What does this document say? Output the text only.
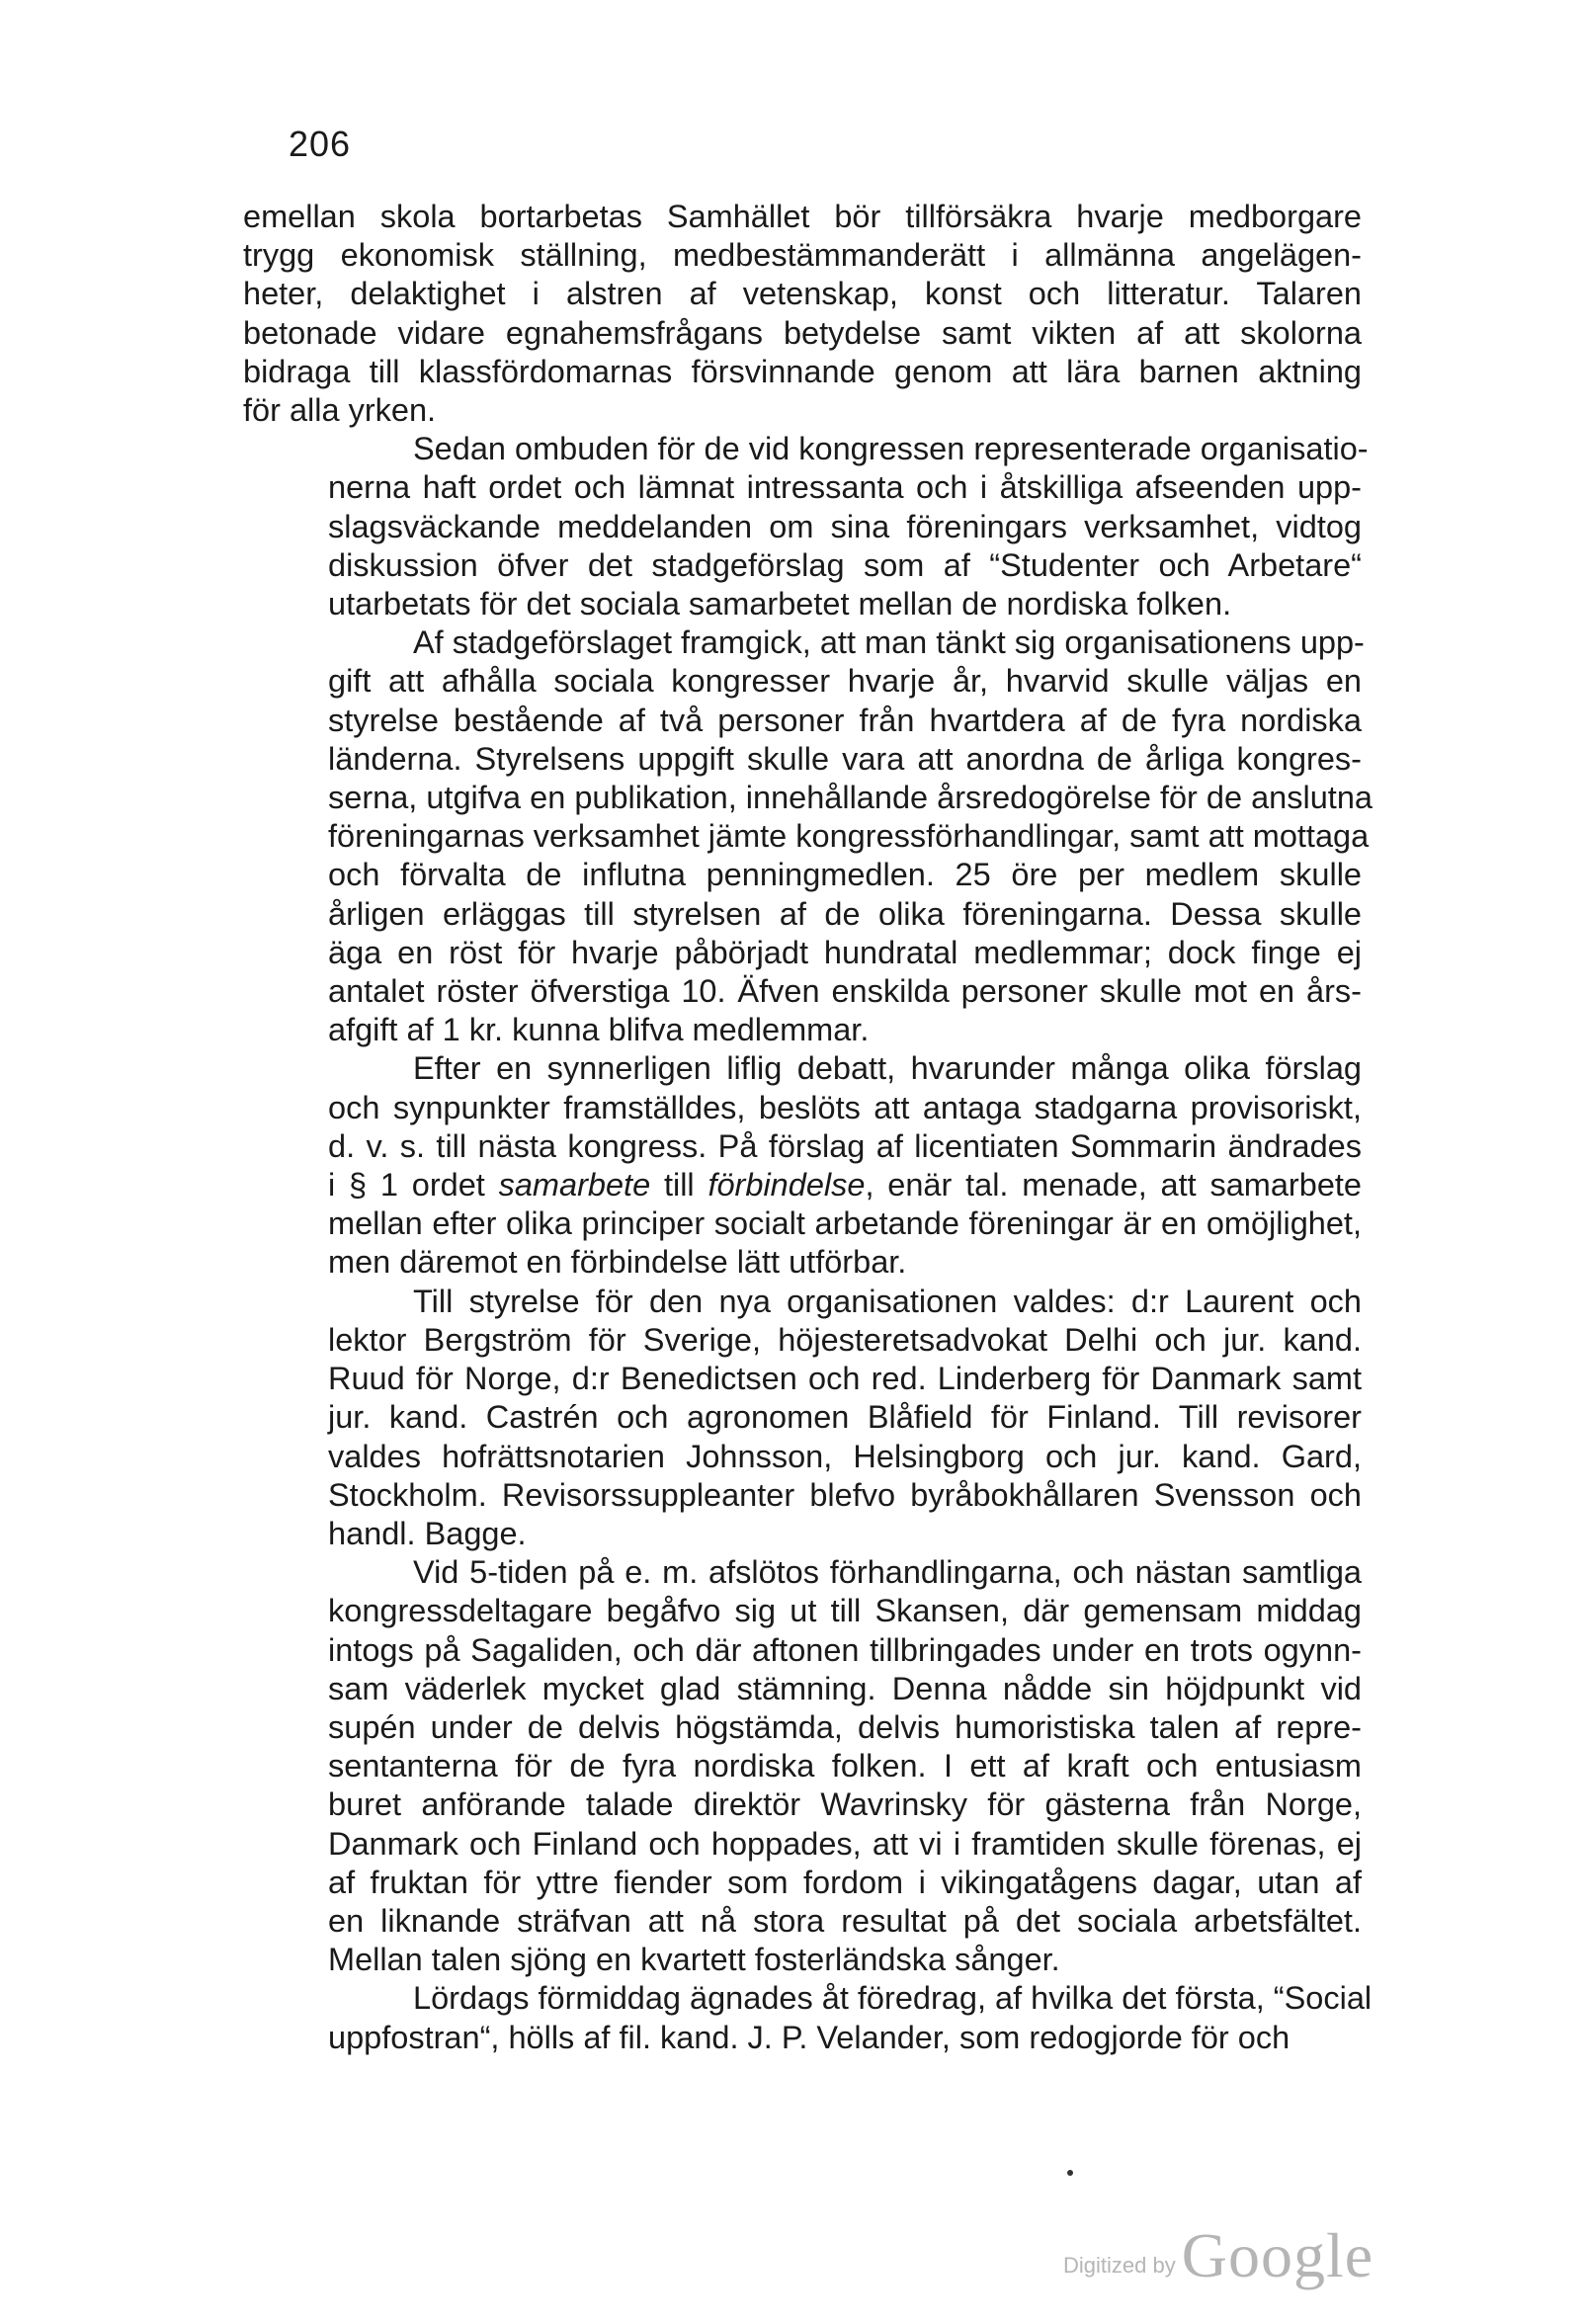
206
emellan skola bortarbetas Samhället bör tillförsäkra hvarje medborgare
trygg ekonomisk ställning, medbestämmanderätt i allmänna angelägen-
heter, delaktighet i alstren af vetenskap, konst och litteratur. Talaren
betonade vidare egnahemsfrågans betydelse samt vikten af att skolorna
bidraga till klassfördomarnas försvinnande genom att lära barnen aktning
för alla yrken.
Sedan ombuden för de vid kongressen representerade organisatio-
nerna haft ordet och lämnat intressanta och i åtskilliga afseenden upp-
slagsväckande meddelanden om sina föreningars verksamhet, vidtog
diskussion öfver det stadgeförslag som af “Studenter och Arbetare“
utarbetats för det sociala samarbetet mellan de nordiska folken.
Af stadgeförslaget framgick, att man tänkt sig organisationens upp-
gift att afhålla sociala kongresser hvarje år, hvarvid skulle väljas en
styrelse bestående af två personer från hvartdera af de fyra nordiska
länderna. Styrelsens uppgift skulle vara att anordna de årliga kongres-
serna, utgifva en publikation, innehållande årsredogörelse för de anslutna
föreningarnas verksamhet jämte kongressförhandlingar, samt att mottaga
och förvalta de influtna penningmedlen. 25 öre per medlem skulle
årligen erläggas till styrelsen af de olika föreningarna. Dessa skulle
äga en röst för hvarje påbörjadt hundratal medlemmar; dock finge ej
antalet röster öfverstiga 10. Äfven enskilda personer skulle mot en års-
afgift af 1 kr. kunna blifva medlemmar.
Efter en synnerligen liflig debatt, hvarunder många olika förslag
och synpunkter framställdes, beslöts att antaga stadgarna provisoriskt,
d. v. s. till nästa kongress. På förslag af licentiaten Sommarin ändrades
i § 1 ordet samarbete till förbindelse, enär tal. menade, att samarbete
mellan efter olika principer socialt arbetande föreningar är en omöjlighet,
men däremot en förbindelse lätt utförbar.
Till styrelse för den nya organisationen valdes: d:r Laurent och
lektor Bergström för Sverige, höjesteretsadvokat Delhi och jur. kand.
Ruud för Norge, d:r Benedictsen och red. Linderberg för Danmark samt
jur. kand. Castrén och agronomen Blåfield för Finland. Till revisorer
valdes hofrättsnotarien Johnsson, Helsingborg och jur. kand. Gard,
Stockholm. Revisorssuppleanter blefvo byråbokhållaren Svensson och
handl. Bagge.
Vid 5-tiden på e. m. afslötos förhandlingarna, och nästan samtliga
kongressdeltagare begåfvo sig ut till Skansen, där gemensam middag
intogs på Sagaliden, och där aftonen tillbringades under en trots ogynn-
sam väderlek mycket glad stämning. Denna nådde sin höjdpunkt vid
supén under de delvis högstämda, delvis humoristiska talen af repre-
sentanterna för de fyra nordiska folken. I ett af kraft och entusiasm
buret anförande talade direktör Wavrinsky för gästerna från Norge,
Danmark och Finland och hoppades, att vi i framtiden skulle förenas, ej
af fruktan för yttre fiender som fordom i vikingatågens dagar, utan af
en liknande sträfvan att nå stora resultat på det sociala arbetsfältet.
Mellan talen sjöng en kvartett fosterländska sånger.
Lördags förmiddag ägnades åt föredrag, af hvilka det första, “Social
uppfostran“, hölls af fil. kand. J. P. Velander, som redogjorde för och
Digitized byGoogle
